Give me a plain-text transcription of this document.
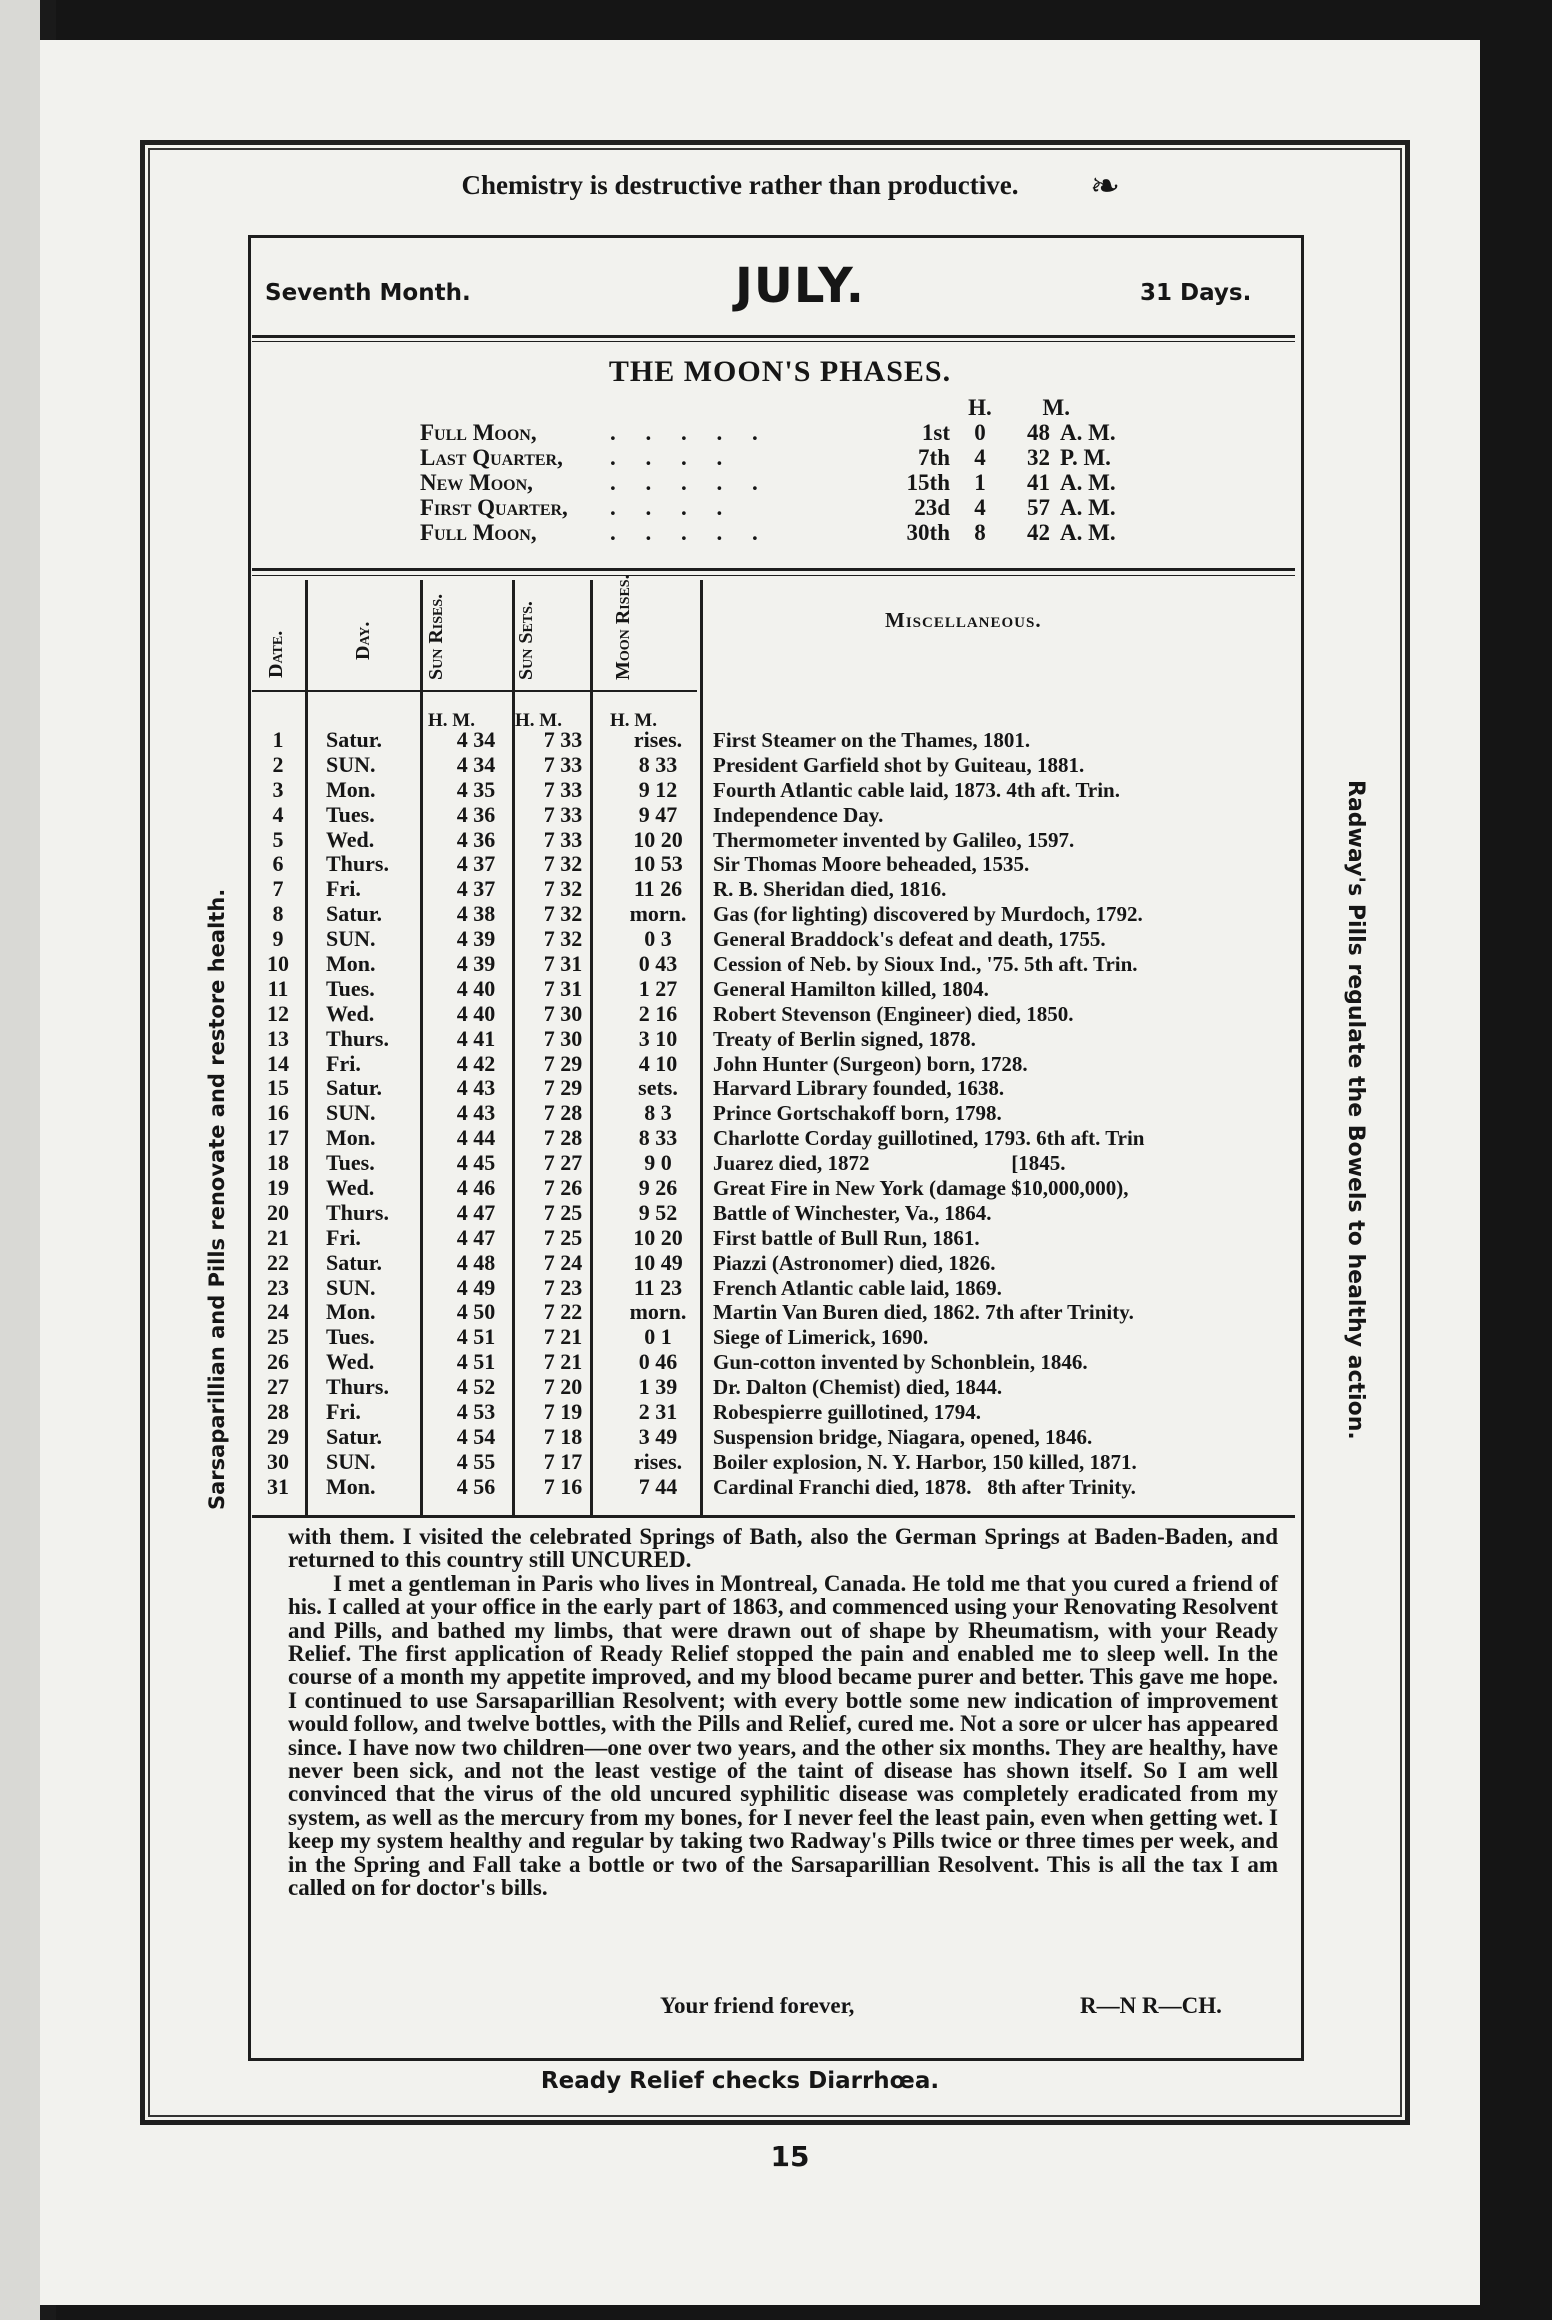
Chemistry is destructive rather than productive.	❧
Seventh Month.	JULY.	31 Days.
THE MOON'S PHASES.
H.	M.
Full Moon,	. . . . .	1st	0	48 A. M.
Last Quarter, . . . .	7th	4	32 P. M.
New Moon,	. . . . .	15th	1	41 A. M.
First Quarter, . . . .	23d	4	57 A. M.
Full Moon,	. . . . .	30th	8	42 A. M.
Date.	Day.	Sun Rises.	Sun Sets.	Moon Rises.	Miscellaneous.
H. M. H. M.	H. M.
1	Satur.	4 34	7 33	rises.	First Steamer on the Thames, 1801.
2	SUN.	4 34	7 33	8 33	President Garfield shot by Guiteau, 1881.
3	Mon.	4 35	7 33	9 12	Fourth Atlantic cable laid, 1873. 4th aft. Trin.
4	Tues.	4 36	7 33	9 47	Independence Day.
5	Wed.	4 36	7 33	10 20	Thermometer invented by Galileo, 1597.
6	Thurs.	4 37	7 32	10 53	Sir Thomas Moore beheaded, 1535.
7	Fri.	4 37	7 32	11 26	R. B. Sheridan died, 1816.
8	Satur.	4 38	7 32	morn.	Gas (for lighting) discovered by Murdoch, 1792.
9	SUN.	4 39	7 32	0 3	General Braddock's defeat and death, 1755.
10	Mon.	4 39	7 31	0 43	Cession of Neb. by Sioux Ind., '75. 5th aft. Trin.
11	Tues.	4 40	7 31	1 27	General Hamilton killed, 1804.
12	Wed.	4 40	7 30	2 16	Robert Stevenson (Engineer) died, 1850.
13	Thurs.	4 41	7 30	3 10	Treaty of Berlin signed, 1878.
14	Fri.	4 42	7 29	4 10	John Hunter (Surgeon) born, 1728.
15	Satur.	4 43	7 29	sets.	Harvard Library founded, 1638.
16	SUN.	4 43	7 28	8 3	Prince Gortschakoff born, 1798.
17	Mon.	4 44	7 28	8 33	Charlotte Corday guillotined, 1793. 6th aft. Trin
18	Tues.	4 45	7 27	9 0	Juarez died, 1872                           [1845.
19	Wed.	4 46	7 26	9 26	Great Fire in New York (damage $10,000,000),
20	Thurs.	4 47	7 25	9 52	Battle of Winchester, Va., 1864.
21	Fri.	4 47	7 25	10 20	First battle of Bull Run, 1861.
22	Satur.	4 48	7 24	10 49	Piazzi (Astronomer) died, 1826.
23	SUN.	4 49	7 23	11 23	French Atlantic cable laid, 1869.
24	Mon.	4 50	7 22	morn.	Martin Van Buren died, 1862. 7th after Trinity.
25	Tues.	4 51	7 21	0 1	Siege of Limerick, 1690.
26	Wed.	4 51	7 21	0 46	Gun-cotton invented by Schonblein, 1846.
27	Thurs.	4 52	7 20	1 39	Dr. Dalton (Chemist) died, 1844.
28	Fri.	4 53	7 19	2 31	Robespierre guillotined, 1794.
29	Satur.	4 54	7 18	3 49	Suspension bridge, Niagara, opened, 1846.
30	SUN.	4 55	7 17	rises.	Boiler explosion, N. Y. Harbor, 150 killed, 1871.
31	Mon.	4 56	7 16	7 44	Cardinal Franchi died, 1878.   8th after Trinity.

with them. I visited the celebrated Springs of Bath, also the German Springs at Baden-Baden, and returned to this country still UNCURED.

I met a gentleman in Paris who lives in Montreal, Canada. He told me that you cured a friend of his. I called at your office in the early part of 1863, and commenced using your Renovating Resolvent and Pills, and bathed my limbs, that were drawn out of shape by Rheumatism, with your Ready Relief. The first application of Ready Relief stopped the pain and enabled me to sleep well. In the course of a month my appetite improved, and my blood became purer and better. This gave me hope. I continued to use Sarsaparillian Resolvent; with every bottle some new indication of improvement would follow, and twelve bottles, with the Pills and Relief, cured me. Not a sore or ulcer has appeared since. I have now two children—one over two years, and the other six months. They are healthy, have never been sick, and not the least vestige of the taint of disease has shown itself. So I am well convinced that the virus of the old uncured syphilitic disease was completely eradicated from my system, as well as the mercury from my bones, for I never feel the least pain, even when getting wet. I keep my system healthy and regular by taking two Radway's Pills twice or three times per week, and in the Spring and Fall take a bottle or two of the Sarsaparillian Resolvent. This is all the tax I am called on for doctor's bills.

Your friend forever,	R—N R—CH.
Ready Relief checks Diarrhœa.
15
Sarsaparillian and Pills renovate and restore health.	Radway's Pills regulate the Bowels to healthy action.
